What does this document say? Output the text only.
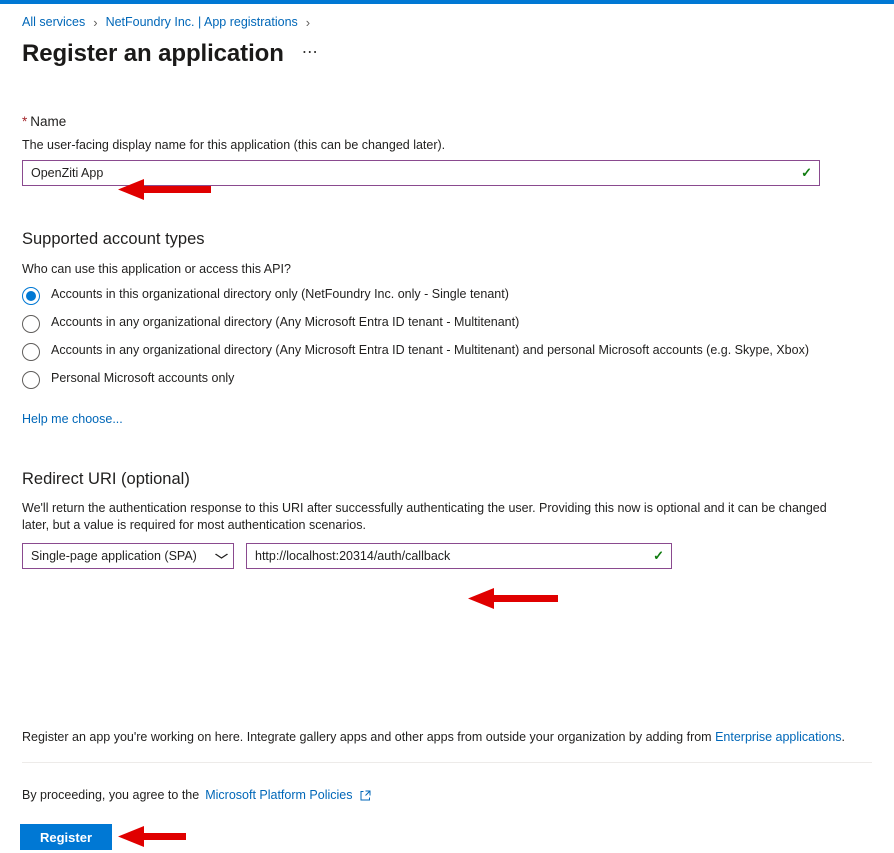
All services › NetFoundry Inc. | App registrations ›
Register an application ⋯
* Name
The user-facing display name for this application (this can be changed later).
OpenZiti App	✓
Supported account types
Who can use this application or access this API?
Accounts in this organizational directory only (NetFoundry Inc. only - Single tenant)
Accounts in any organizational directory (Any Microsoft Entra ID tenant - Multitenant)
Accounts in any organizational directory (Any Microsoft Entra ID tenant - Multitenant) and personal Microsoft accounts (e.g. Skype, Xbox)
Personal Microsoft accounts only
Help me choose...
Redirect URI (optional)
We'll return the authentication response to this URI after successfully authenticating the user. Providing this now is optional and it can be changed later, but a value is required for most authentication scenarios.
Single-page application (SPA)	http://localhost:20314/auth/callback	✓
Register an app you're working on here. Integrate gallery apps and other apps from outside your organization by adding from Enterprise applications.
By proceeding, you agree to the Microsoft Platform Policies
Register
